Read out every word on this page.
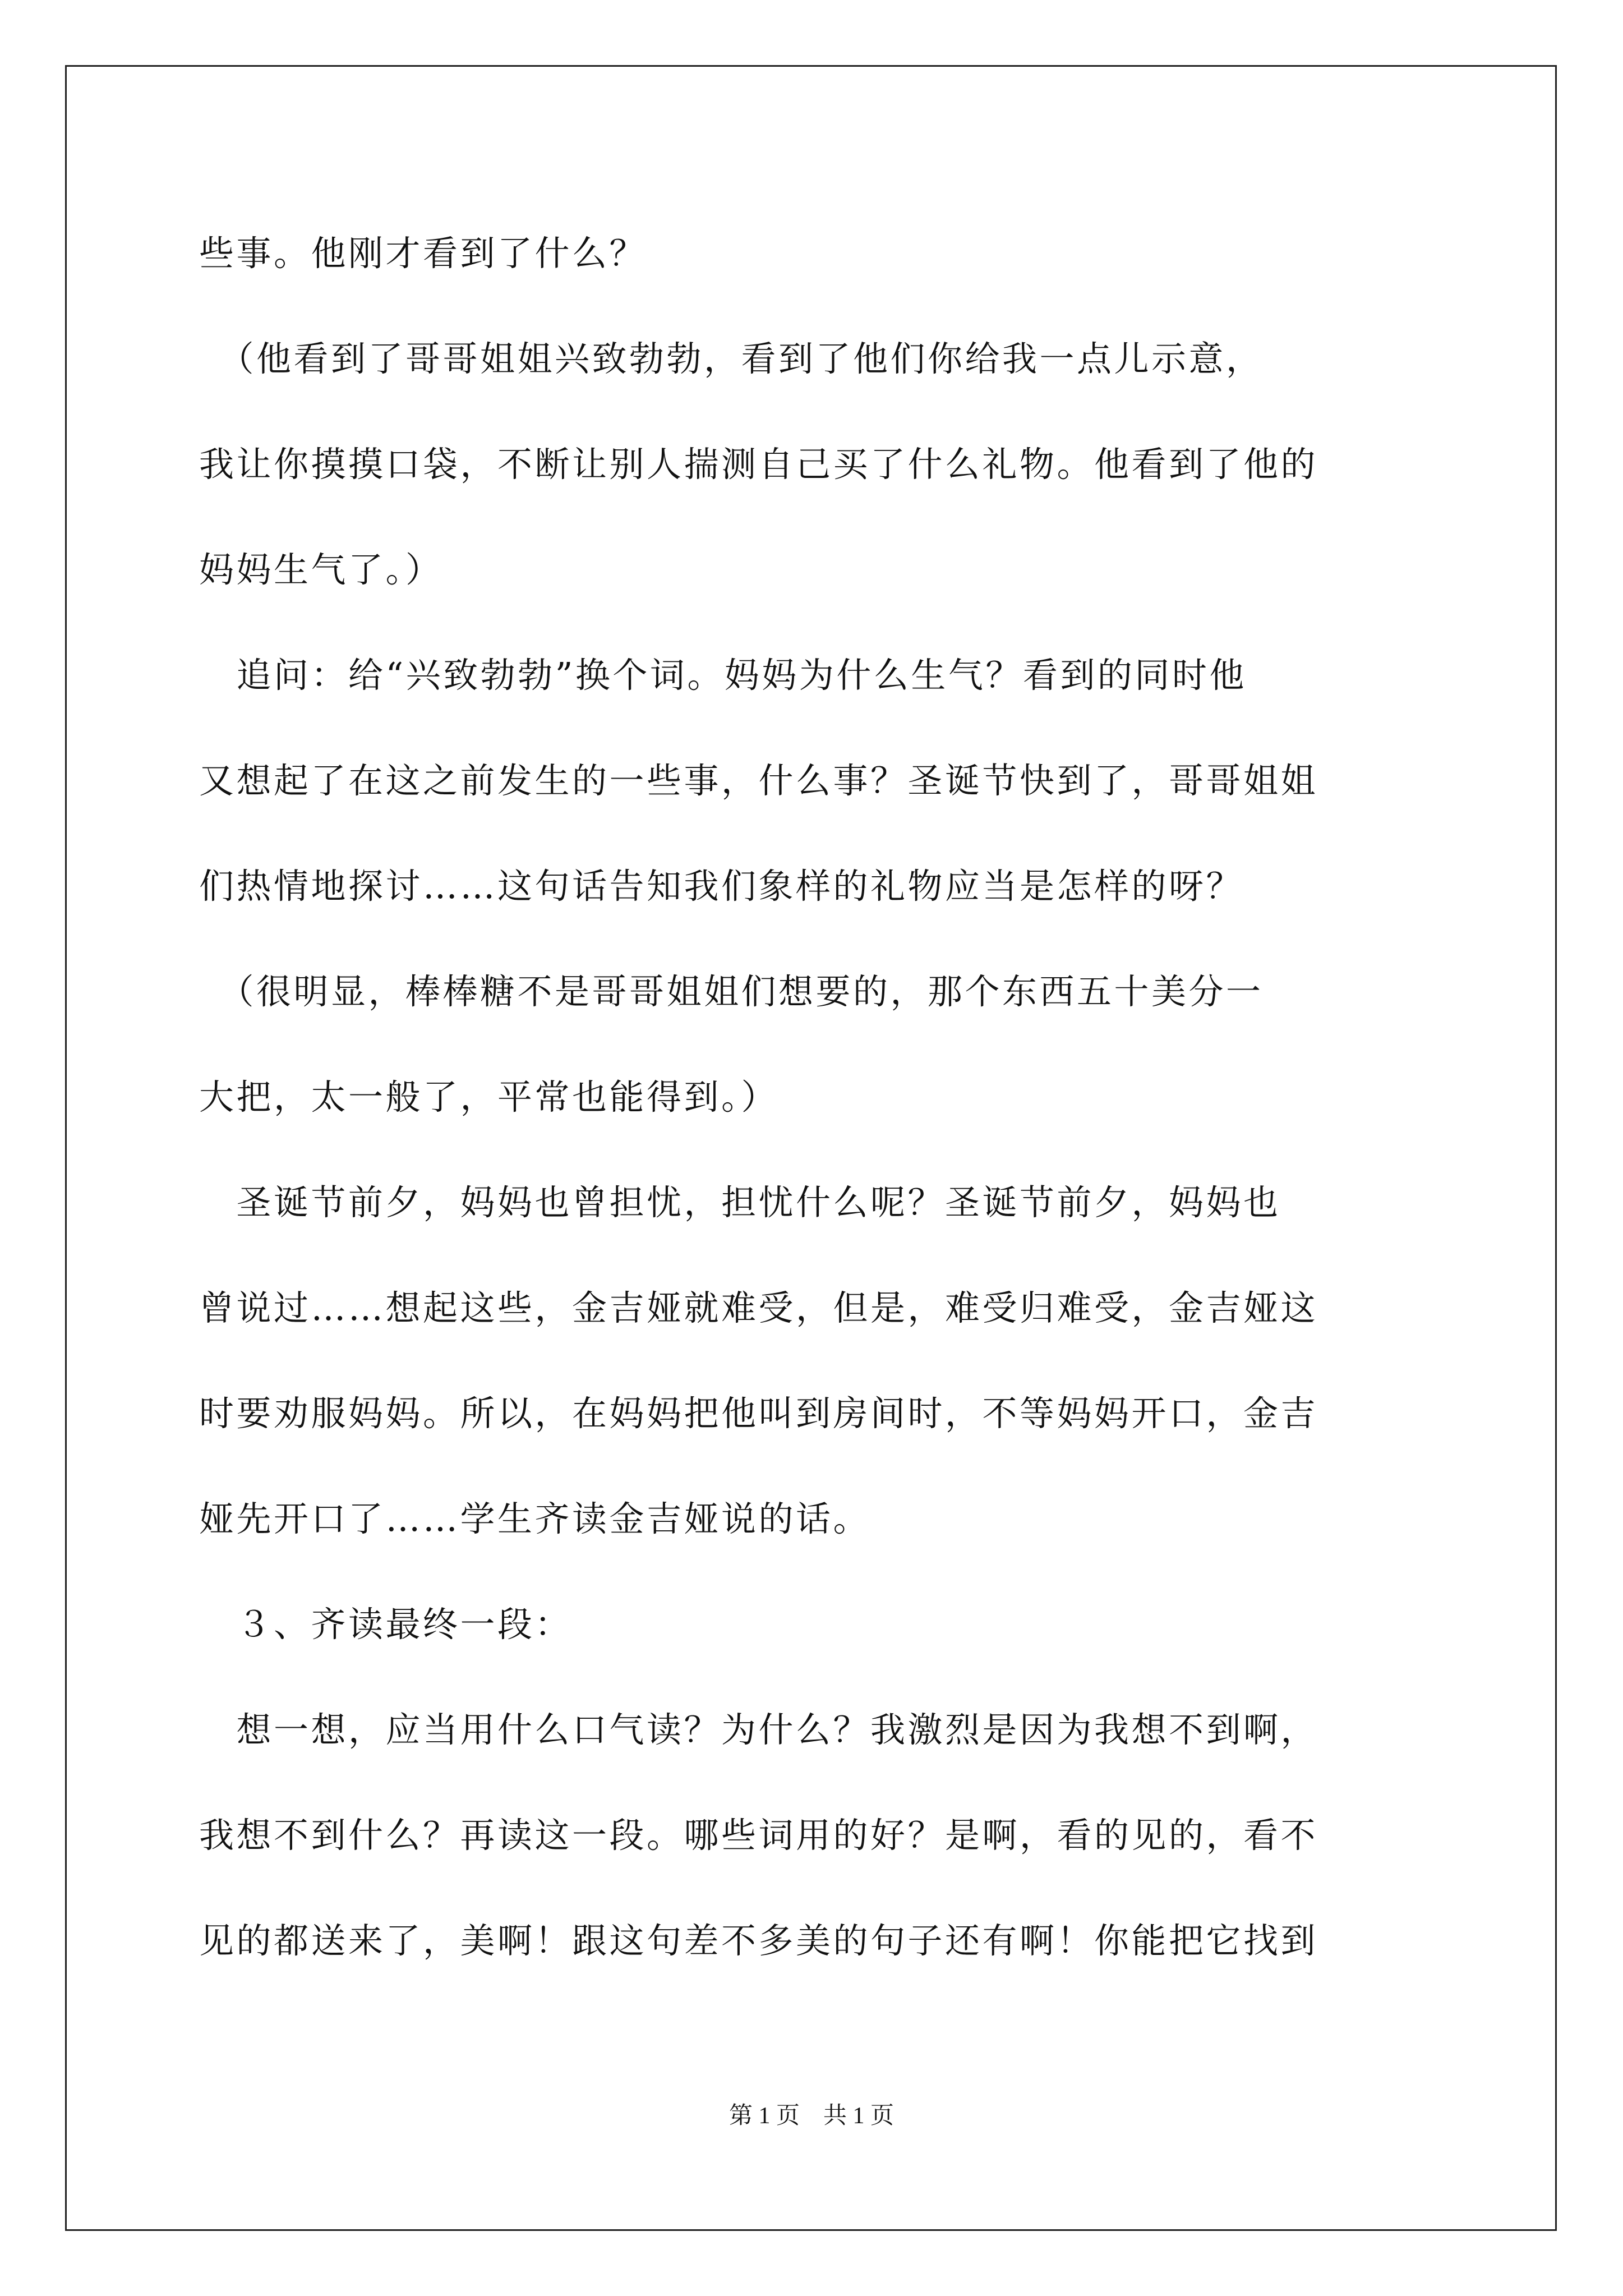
些事。他刚才看到了什么？
　（他看到了哥哥姐姐兴致勃勃，看到了他们你给我一点儿示意，
我让你摸摸口袋，不断让别人揣测自己买了什么礼物。他看到了他的
妈妈生气了。）
　追问：给“兴致勃勃”换个词。妈妈为什么生气？看到的同时他
又想起了在这之前发生的一些事，什么事？圣诞节快到了，哥哥姐姐
们热情地探讨……这句话告知我们象样的礼物应当是怎样的呀？
　（很明显，棒棒糖不是哥哥姐姐们想要的，那个东西五十美分一
大把，太一般了，平常也能得到。）
　圣诞节前夕，妈妈也曾担忧，担忧什么呢？圣诞节前夕，妈妈也
曾说过……想起这些，金吉娅就难受，但是，难受归难受，金吉娅这
时要劝服妈妈。所以，在妈妈把他叫到房间时，不等妈妈开口，金吉
娅先开口了……学生齐读金吉娅说的话。
　３、齐读最终一段：
　想一想，应当用什么口气读？为什么？我激烈是因为我想不到啊，
我想不到什么？再读这一段。哪些词用的好？是啊，看的见的，看不
见的都送来了，美啊！跟这句差不多美的句子还有啊！你能把它找到
第 1 页　共 1 页
